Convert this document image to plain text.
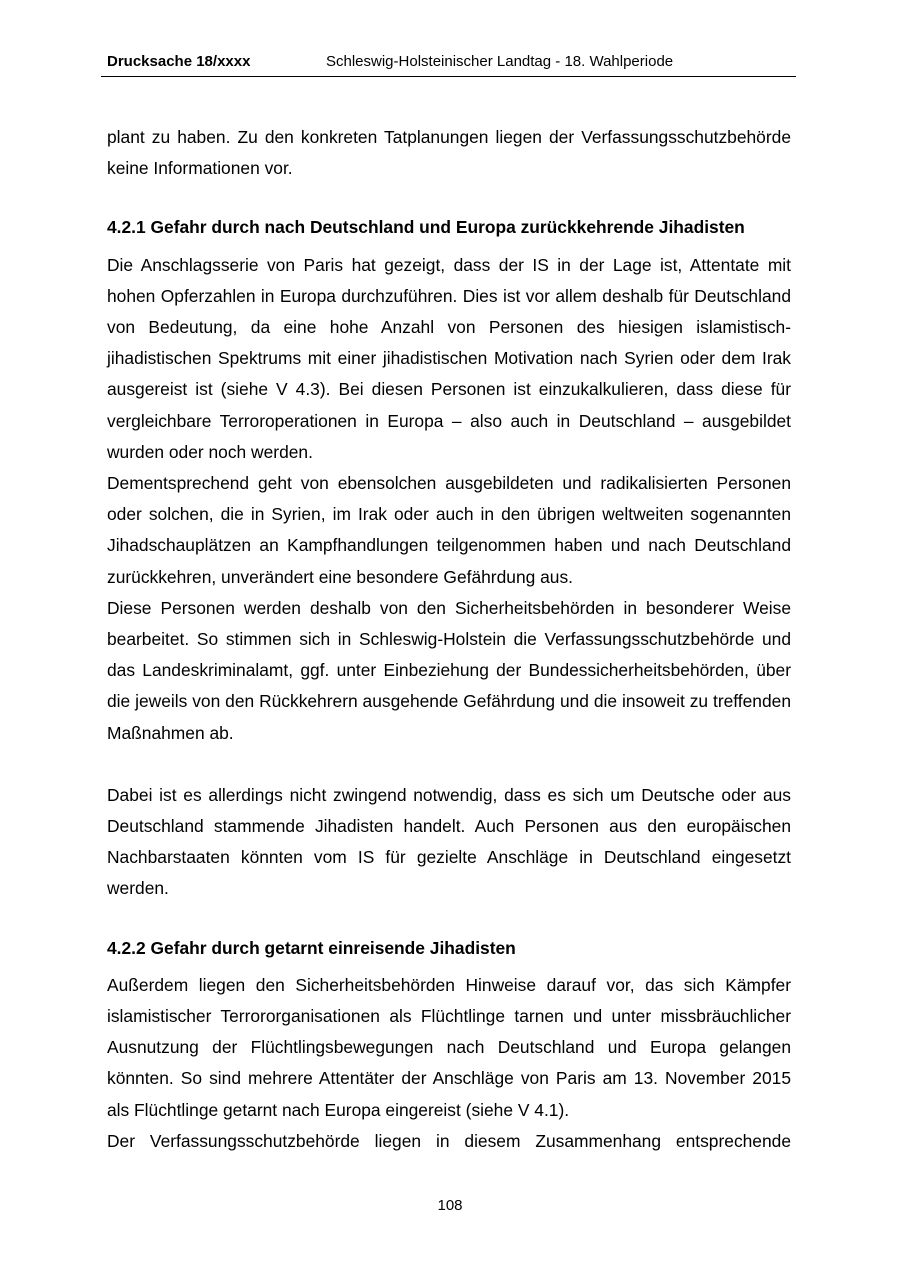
Drucksache 18/xxxx	Schleswig-Holsteinischer Landtag - 18. Wahlperiode

plant zu haben. Zu den konkreten Tatplanungen liegen der Verfassungsschutzbehörde keine Informationen vor.

4.2.1 Gefahr durch nach Deutschland und Europa zurückkehrende Jihadisten

Die Anschlagsserie von Paris hat gezeigt, dass der IS in der Lage ist, Attentate mit hohen Opferzahlen in Europa durchzuführen. Dies ist vor allem deshalb für Deutschland von Bedeutung, da eine hohe Anzahl von Personen des hiesigen islamistisch-jihadistischen Spektrums mit einer jihadistischen Motivation nach Syrien oder dem Irak ausgereist ist (siehe V 4.3). Bei diesen Personen ist einzukalkulieren, dass diese für vergleichbare Terroroperationen in Europa – also auch in Deutschland – ausgebildet wurden oder noch werden.

Dementsprechend geht von ebensolchen ausgebildeten und radikalisierten Personen oder solchen, die in Syrien, im Irak oder auch in den übrigen weltweiten sogenannten Jihadschauplätzen an Kampfhandlungen teilgenommen haben und nach Deutschland zurückkehren, unverändert eine besondere Gefährdung aus.

Diese Personen werden deshalb von den Sicherheitsbehörden in besonderer Weise bearbeitet. So stimmen sich in Schleswig-Holstein die Verfassungsschutzbehörde und das Landeskriminalamt, ggf. unter Einbeziehung der Bundessicherheitsbehörden, über die jeweils von den Rückkehrern ausgehende Gefährdung und die insoweit zu treffenden Maßnahmen ab.

Dabei ist es allerdings nicht zwingend notwendig, dass es sich um Deutsche oder aus Deutschland stammende Jihadisten handelt. Auch Personen aus den europäischen Nachbarstaaten könnten vom IS für gezielte Anschläge in Deutschland eingesetzt werden.

4.2.2 Gefahr durch getarnt einreisende Jihadisten

Außerdem liegen den Sicherheitsbehörden Hinweise darauf vor, das sich Kämpfer islamistischer Terrororganisationen als Flüchtlinge tarnen und unter missbräuchlicher Ausnutzung der Flüchtlingsbewegungen nach Deutschland und Europa gelangen könnten. So sind mehrere Attentäter der Anschläge von Paris am 13. November 2015 als Flüchtlinge getarnt nach Europa eingereist (siehe V 4.1).

Der Verfassungsschutzbehörde liegen in diesem Zusammenhang entsprechende

108
